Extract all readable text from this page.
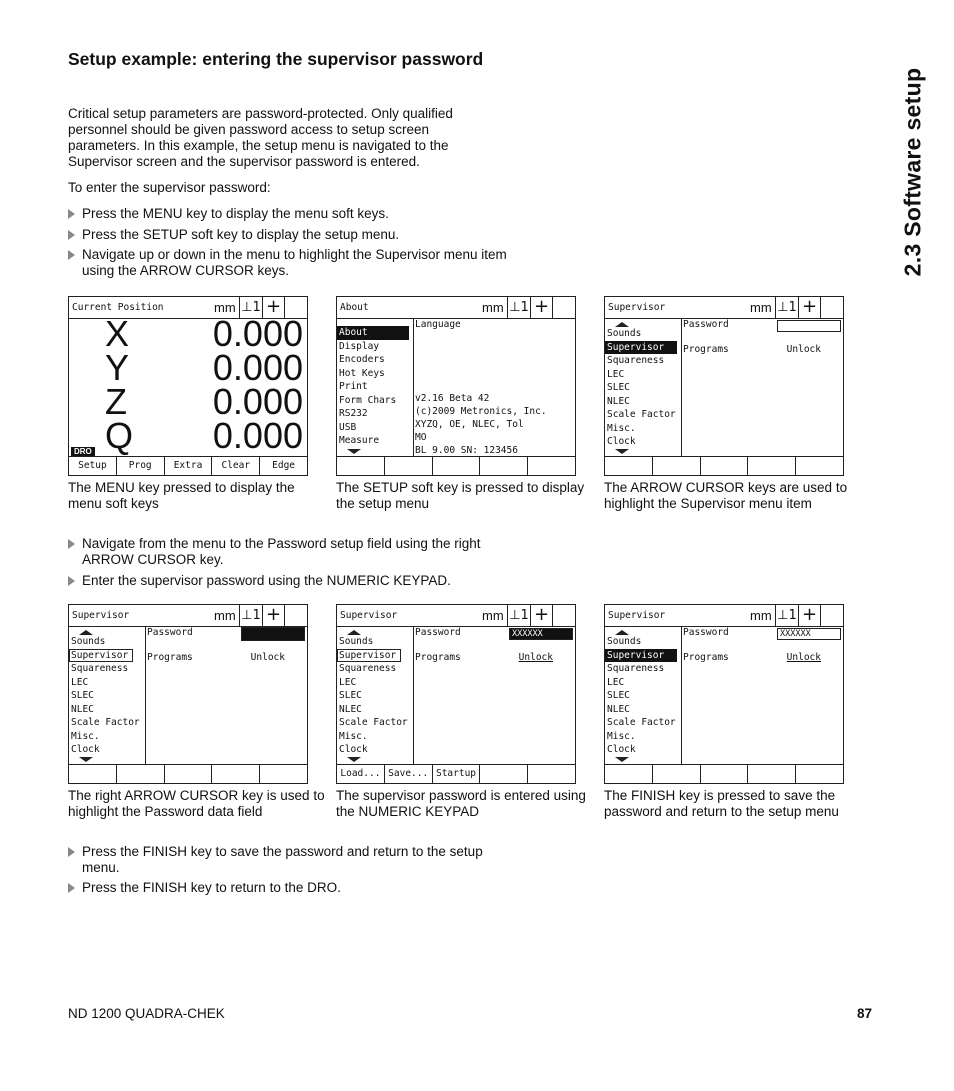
Setup example: entering the supervisor password
Critical setup parameters are password-protected. Only qualified personnel should be given password access to setup screen parameters. In this example, the setup menu is navigated to the Supervisor screen and the supervisor password is entered.
To enter the supervisor password:
Press the MENU key to display the menu soft keys.
Press the SETUP soft key to display the setup menu.
Navigate up or down in the menu to highlight the Supervisor menu item using the ARROW CURSOR keys.	2.3 Software setup
Current Position	mm ⊥1 +
X 0.000
Y 0.000
Z 0.000
Q 0.000
DRO
Setup	Prog	Extra	Clear	Edge
About	mm ⊥1 +
About
Display
Encoders
Hot Keys
Print
Form Chars
RS232
USB
Measure
Language
v2.16 Beta 42
(c)2009 Metronics, Inc.
XYZQ, OE, NLEC, Tol
MO
BL 9.00 SN: 123456
Supervisor	mm ⊥1 +
Sounds
Supervisor
Squareness
LEC
SLEC
NLEC
Scale Factor
Misc.
Clock
Password
Programs	Unlock
The MENU key pressed to display the menu soft keys
The SETUP soft key is pressed to display the setup menu
The ARROW CURSOR keys are used to highlight the Supervisor menu item
Navigate from the menu to the Password setup field using the right ARROW CURSOR key.
Enter the supervisor password using the NUMERIC KEYPAD.
Supervisor	mm ⊥1 +
Sounds
Supervisor
Squareness
LEC
SLEC
NLEC
Scale Factor
Misc.
Clock
Password
Programs	Unlock
Supervisor	mm ⊥1 +
Sounds
Supervisor
Squareness
LEC
SLEC
NLEC
Scale Factor
Misc.
Clock
Password	XXXXXX
Programs	Unlock
Load... Save... Startup
Supervisor	mm ⊥1 +
Sounds
Supervisor
Squareness
LEC
SLEC
NLEC
Scale Factor
Misc.
Clock
Password	XXXXXX
Programs	Unlock
The right ARROW CURSOR key is used to highlight the Password data field
The supervisor password is entered using the NUMERIC KEYPAD
The FINISH key is pressed to save the password and return to the setup menu
Press the FINISH key to save the password and return to the setup menu.
Press the FINISH key to return to the DRO.
ND 1200 QUADRA-CHEK	87
